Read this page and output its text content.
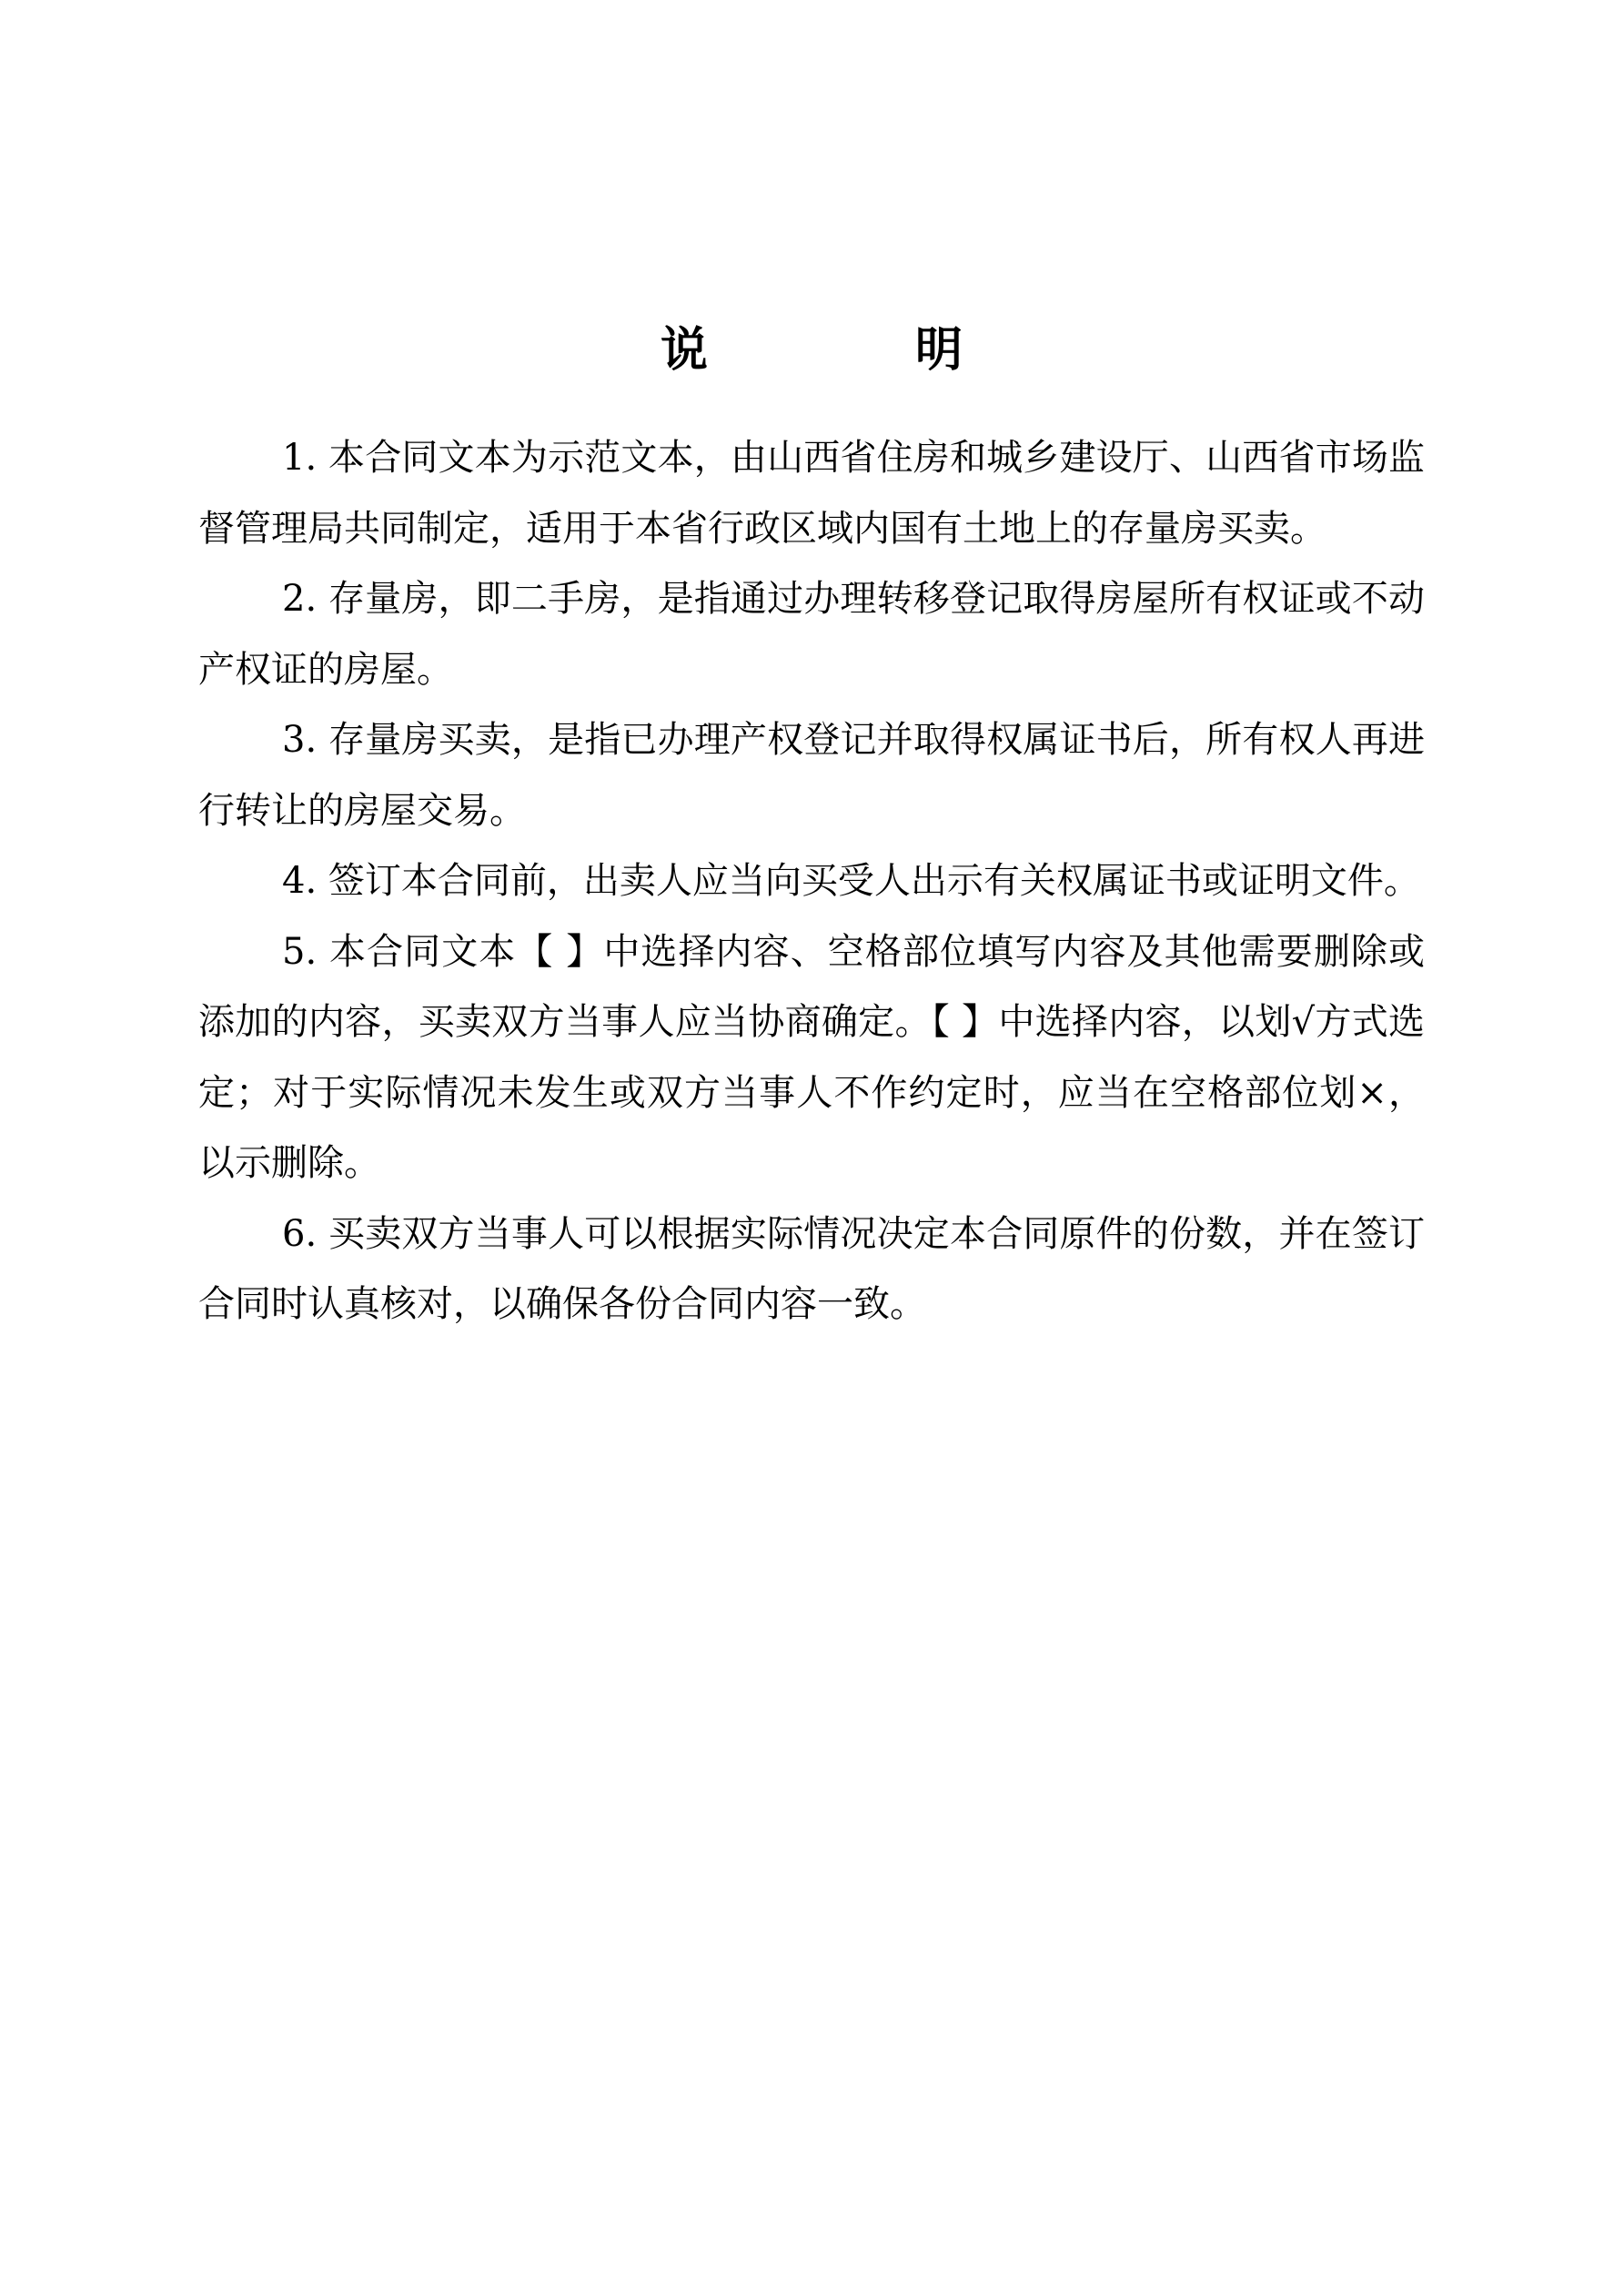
说　明

1. 本合同文本为示范文本，由山西省住房和城乡建设厅、山西省市场监督管理局共同制定，适用于本省行政区域内国有土地上的存量房买卖。

2. 存量房，即二手房，是指通过办理转移登记取得房屋所有权证或不动产权证的房屋。

3. 存量房买卖，是指已办理产权登记并取得权属证书后，所有权人再进行转让的房屋交易。

4. 签订本合同前，出卖人应当向买受人出示有关权属证书或证明文件。

5. 本合同文本【 】中选择内容、空格部位填写内容及其他需要删除或添加的内容，买卖双方当事人应当协商确定。【 】中选择内容，以划√方式选定；对于实际情况未发生或双方当事人不作约定时，应当在空格部位划×，以示删除。

6. 买卖双方当事人可以根据实际情况决定本合同原件的份数，并在签订合同时认真核对，以确保各份合同内容一致。
